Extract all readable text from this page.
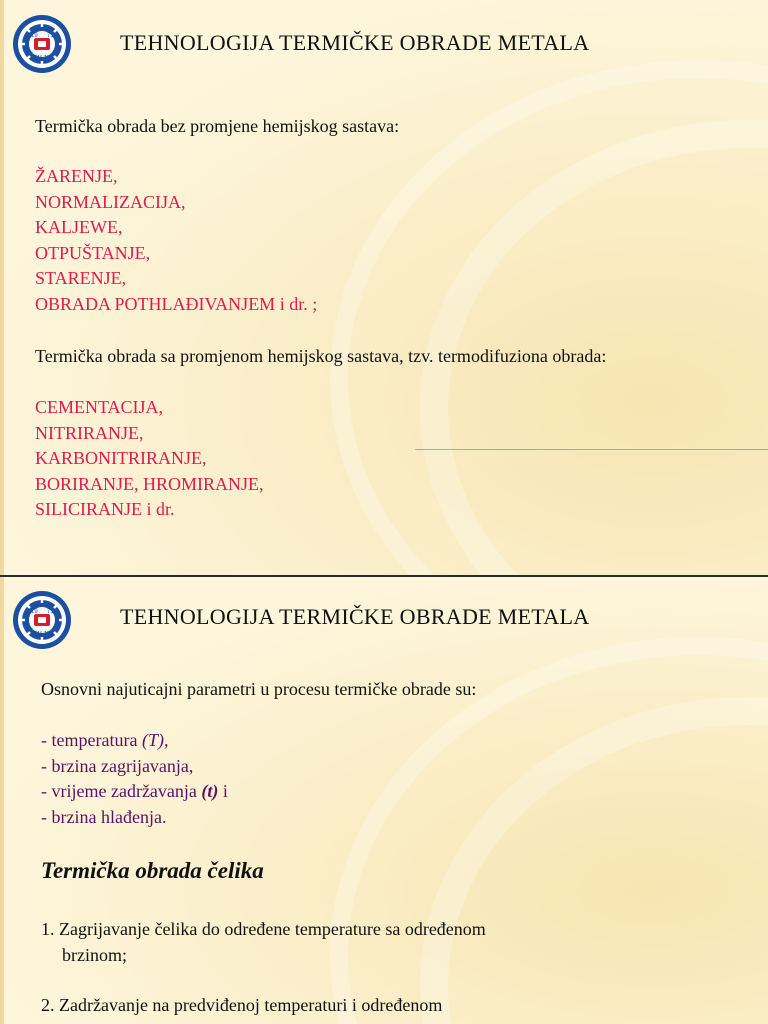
19 71
ŠPM ZAŠ
TEHNOLOGIJA TERMIČKE OBRADE METALA
Termička obrada bez promjene hemijskog sastava:
ŽARENJE,
NORMALIZACIJA,
KALJEWE,
OTPUŠTANJE,
STARENJE,
OBRADA POTHLAĐIVANJEM i dr. ;
Termička obrada sa promjenom hemijskog sastava, tzv. termodifuziona obrada:
CEMENTACIJA,
NITRIRANJE,
KARBONITRIRANJE,
BORIRANJE, HROMIRANJE,
SILICIRANJE i dr.
19 71
ŠPM ZAŠ
TEHNOLOGIJA TERMIČKE OBRADE METALA
Osnovni najuticajni parametri u procesu termičke obrade su:
- temperatura (T),
- brzina zagrijavanja,
- vrijeme zadržavanja (t) i
- brzina hlađenja.
Termička obrada čelika
1. Zagrijavanje čelika do određene temperature sa određenom
brzinom;
2. Zadržavanje na predviđenoj temperaturi i određenom
